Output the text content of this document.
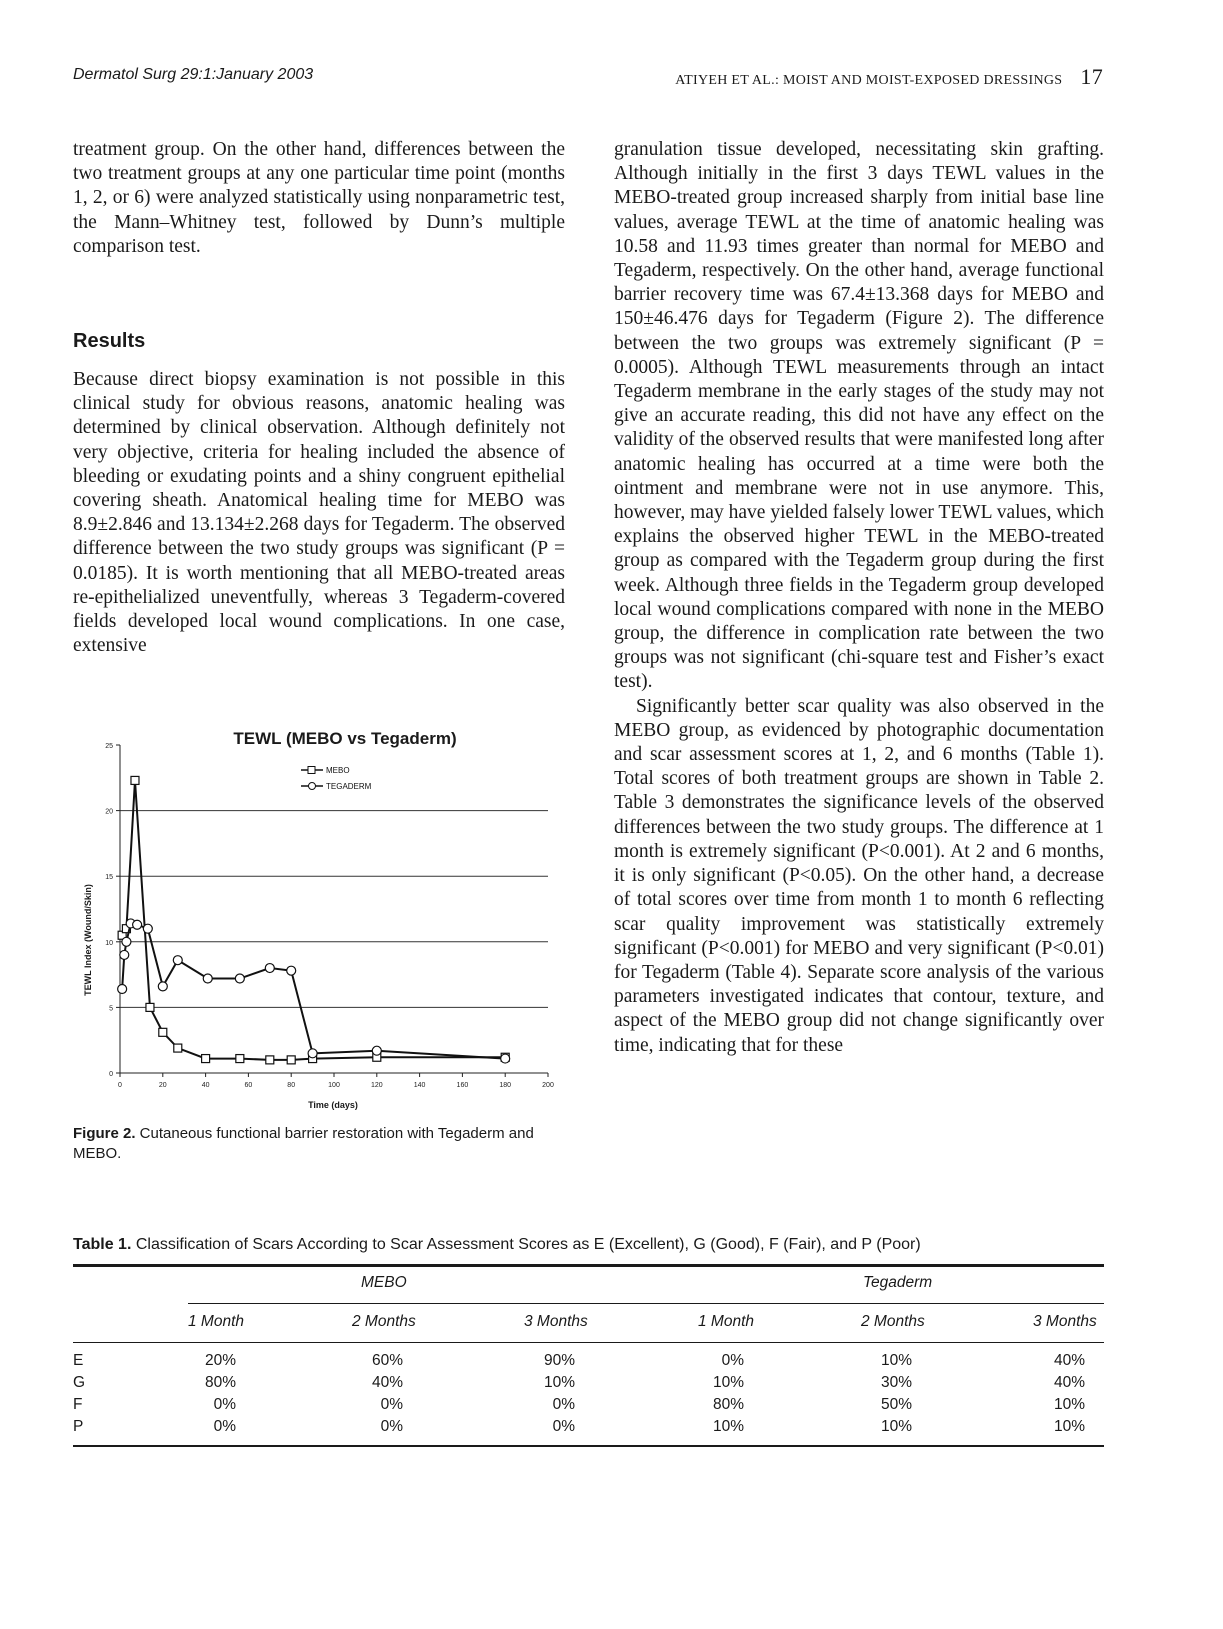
Dermatol Surg 29:1:January 2003	ATIYEH ET AL.: MOIST AND MOIST-EXPOSED DRESSINGS 17

treatment group. On the other hand, differences between the two treatment groups at any one particular time point (months 1, 2, or 6) were analyzed statistically using nonparametric test, the Mann–Whitney test, followed by Dunn’s multiple comparison test.

Results

Because direct biopsy examination is not possible in this clinical study for obvious reasons, anatomic healing was determined by clinical observation. Although definitely not very objective, criteria for healing included the absence of bleeding or exudating points and a shiny congruent epithelial covering sheath. Anatomical healing time for MEBO was 8.9±2.846 and 13.134±2.268 days for Tegaderm. The observed difference between the two study groups was significant (P = 0.0185). It is worth mentioning that all MEBO-treated areas re-epithelialized uneventfully, whereas 3 Tegaderm-covered fields developed local wound complications. In one case, extensive

granulation tissue developed, necessitating skin grafting. Although initially in the first 3 days TEWL values in the MEBO-treated group increased sharply from initial base line values, average TEWL at the time of anatomic healing was 10.58 and 11.93 times greater than normal for MEBO and Tegaderm, respectively. On the other hand, average functional barrier recovery time was 67.4±13.368 days for MEBO and 150±46.476 days for Tegaderm (Figure 2). The difference between the two groups was extremely significant (P = 0.0005). Although TEWL measurements through an intact Tegaderm membrane in the early stages of the study may not give an accurate reading, this did not have any effect on the validity of the observed results that were manifested long after anatomic healing has occurred at a time were both the ointment and membrane were not in use anymore. This, however, may have yielded falsely lower TEWL values, which explains the observed higher TEWL in the MEBO-treated group as compared with the Tegaderm group during the first week. Although three fields in the Tegaderm group developed local wound complications compared with none in the MEBO group, the difference in complication rate between the two groups was not significant (chi-square test and Fisher’s exact test).

Significantly better scar quality was also observed in the MEBO group, as evidenced by photographic documentation and scar assessment scores at 1, 2, and 6 months (Table 1). Total scores of both treatment groups are shown in Table 2. Table 3 demonstrates the significance levels of the observed differences between the two study groups. The difference at 1 month is extremely significant (P<0.001). At 2 and 6 months, it is only significant (P<0.05). On the other hand, a decrease of total scores over time from month 1 to month 6 reflecting scar quality improvement was statistically extremely significant (P<0.001) for MEBO and very significant (P<0.01) for Tegaderm (Table 4). Separate score analysis of the various parameters investigated indicates that contour, texture, and aspect of the MEBO group did not change significantly over time, indicating that for these

TEWL (MEBO vs Tegaderm)
TEWL Index (Wound/Skin)
Time (days)
0
5
10
15
20
25
0	20	40	60	80	100	120	140	160	180	200
MEBO
TEGADERM
Figure 2. Cutaneous functional barrier restoration with Tegaderm and MEBO.
Table 1. Classification of Scars According to Scar Assessment Scores as E (Excellent), G (Good), F (Fair), and P (Poor)
MEBO	Tegaderm
1 Month	2 Months	3 Months	1 Month	2 Months	3 Months
E	20%	60%	90%	0%	10%	40%
G	80%	40%	10%	10%	30%	40%
F	0%	0%	0%	80%	50%	10%
P	0%	0%	0%	10%	10%	10%
